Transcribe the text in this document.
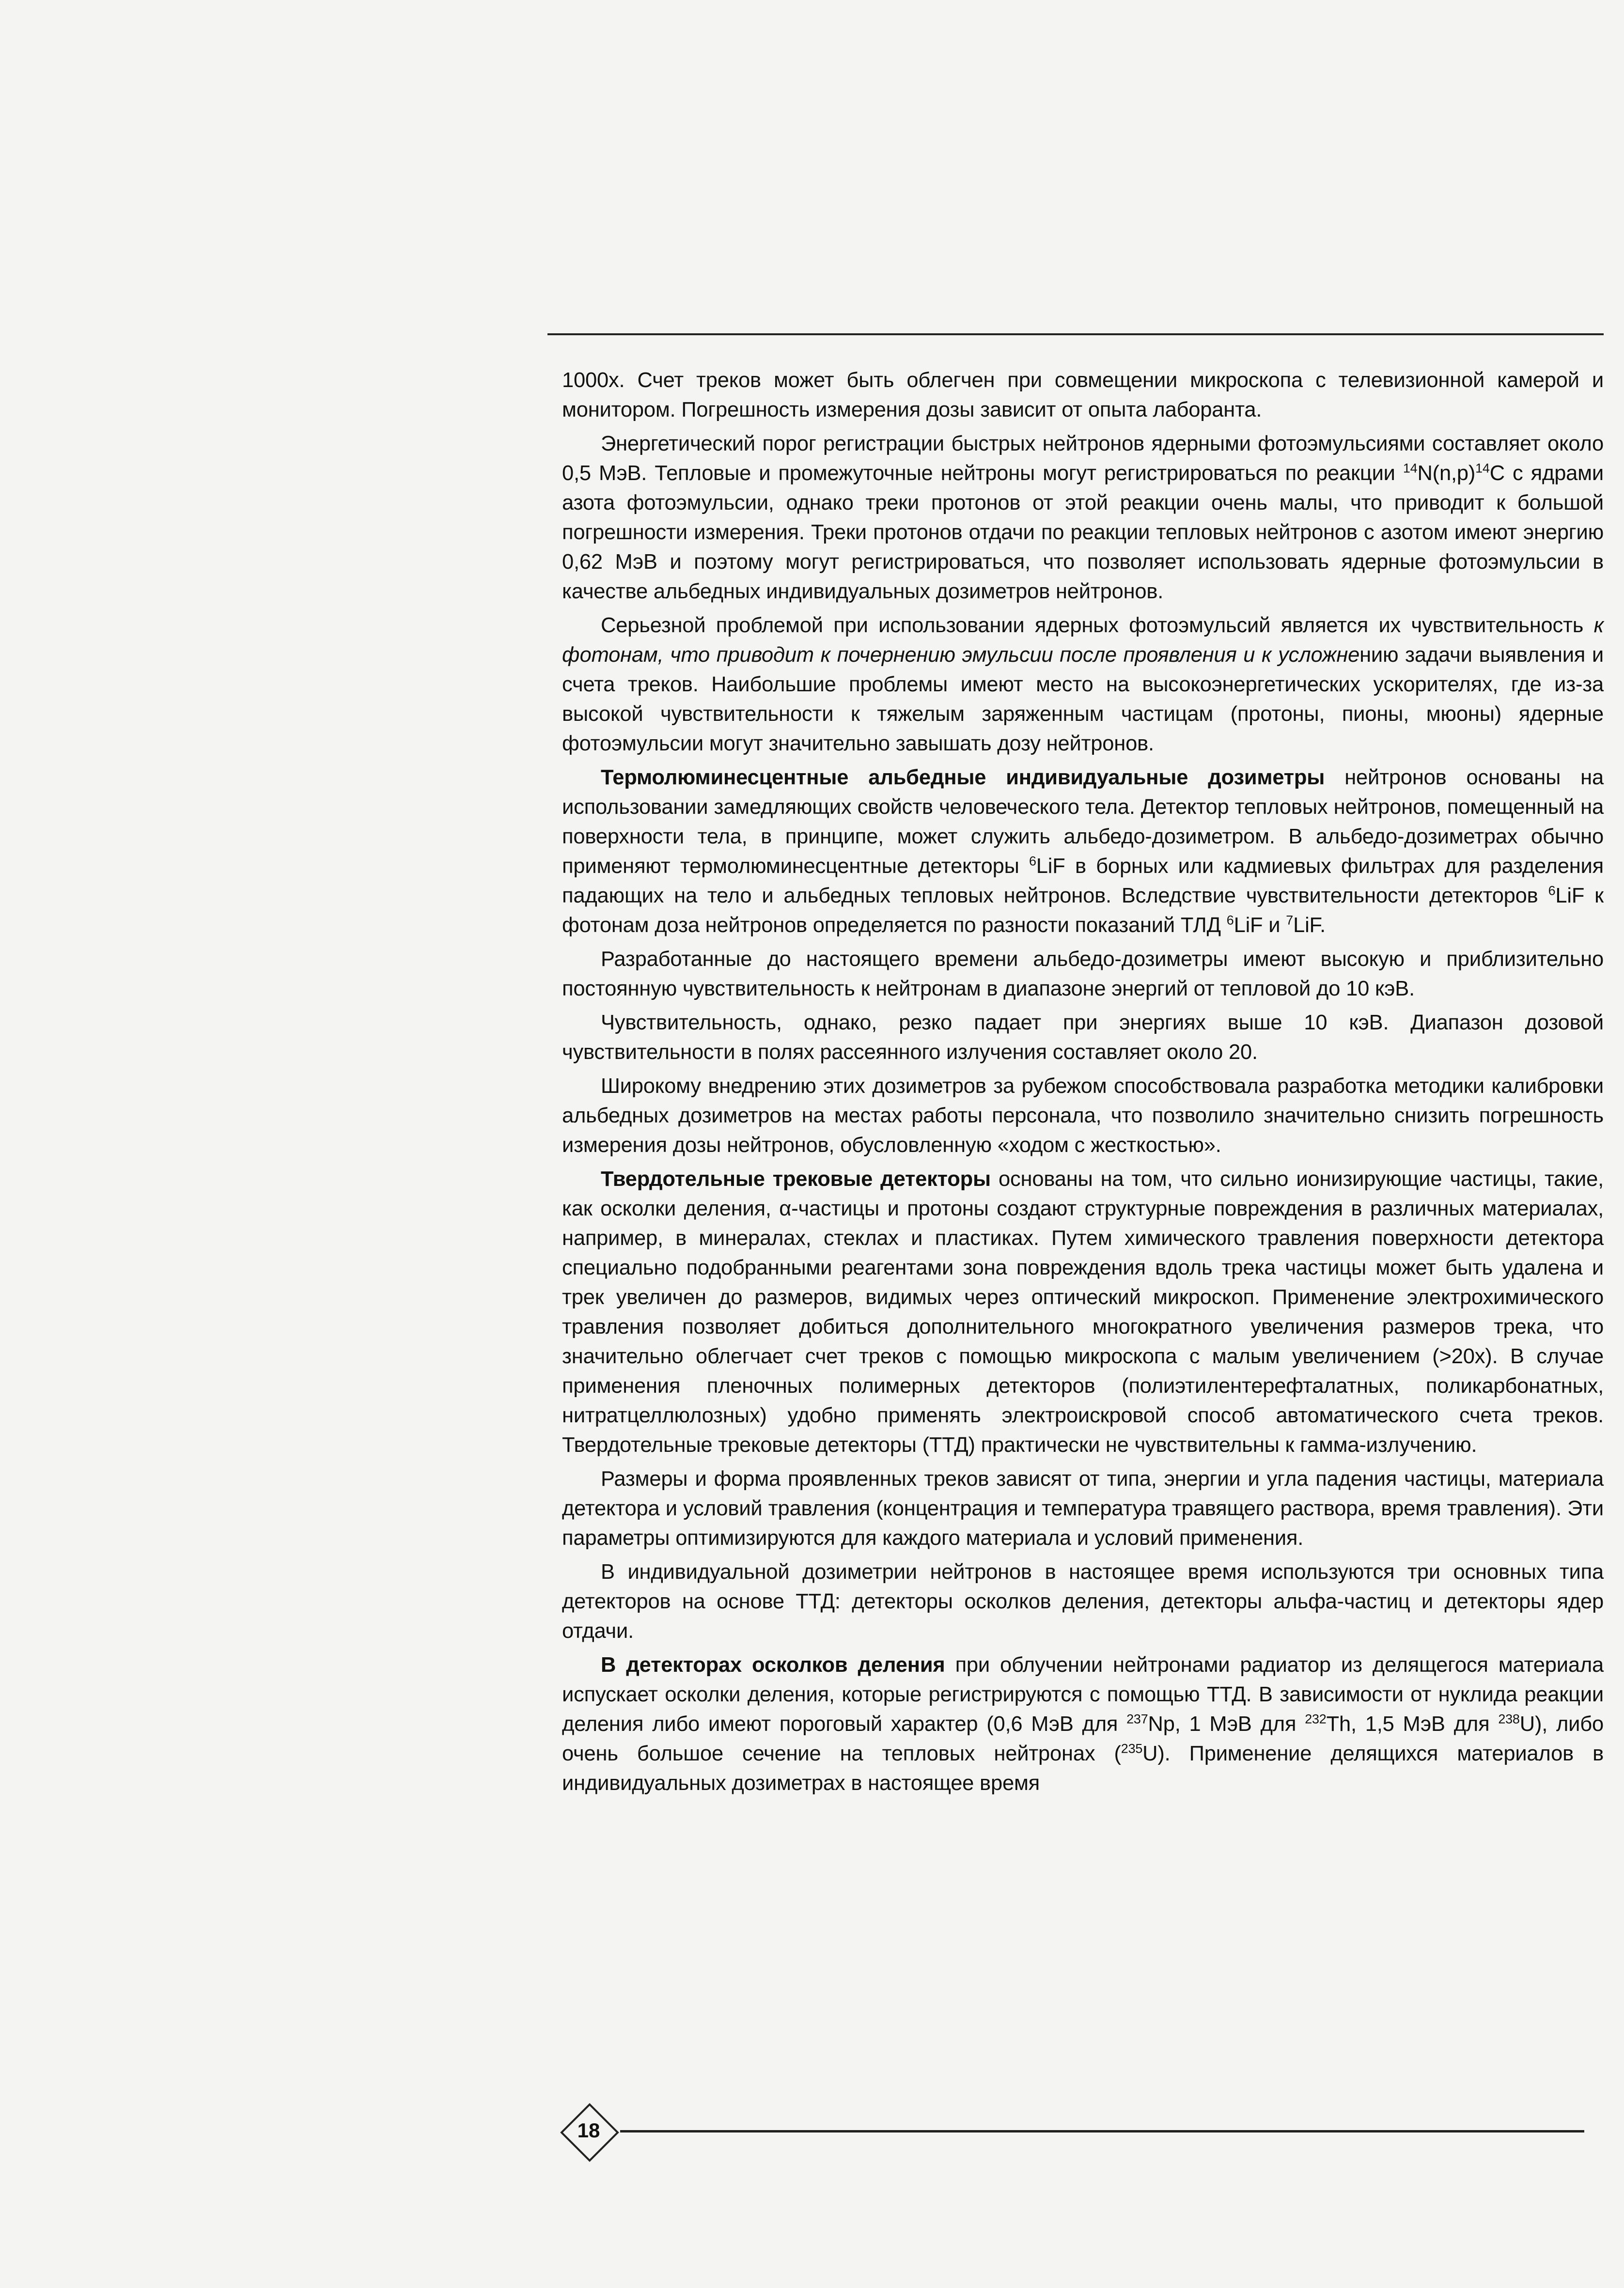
1000х. Счет треков может быть облегчен при совмещении микроскопа с телевизионной камерой и монитором. Погрешность измерения дозы зависит от опыта лаборанта.

Энергетический порог регистрации быстрых нейтронов ядерными фотоэмульсиями составляет около 0,5 МэВ. Тепловые и промежуточные нейтроны могут регистрироваться по реакции $^{14}N(n,p)^{14}С$ с ядрами азота фотоэмульсии, однако треки протонов от этой реакции очень малы, что приводит к большой погрешности измерения. Треки протонов отдачи по реакции тепловых нейтронов с азотом имеют энергию 0,62 МэВ и поэтому могут регистрироваться, что позволяет использовать ядерные фотоэмульсии в качестве альбедных индивидуальных дозиметров нейтронов.

Серьезной проблемой при использовании ядерных фотоэмульсий является их чувствительность к фотонам, что приводит к почернению эмульсии после проявления и к усложнению задачи выявления и счета треков. Наибольшие проблемы имеют место на высокоэнергетических ускорителях, где из-за высокой чувствительности к тяжелым заряженным частицам (протоны, пионы, мюоны) ядерные фотоэмульсии могут значительно завышать дозу нейтронов.

Термолюминесцентные альбедные индивидуальные дозиметры нейтронов основаны на использовании замедляющих свойств человеческого тела. Детектор тепловых нейтронов, помещенный на поверхности тела, в принципе, может служить альбедо-дозиметром. В альбедо-дозиметрах обычно применяют термолюминесцентные детекторы $^6$LiF в борных или кадмиевых фильтрах для разделения падающих на тело и альбедных тепловых нейтронов. Вследствие чувствительности детекторов $^6$LiF к фотонам доза нейтронов определяется по разности показаний ТЛД $^6$LiF и $^7$LiF.

Разработанные до настоящего времени альбедо-дозиметры имеют высокую и приблизительно постоянную чувствительность к нейтронам в диапазоне энергий от тепловой до 10 кэВ.

Чувствительность, однако, резко падает при энергиях выше 10 кэВ. Диапазон дозовой чувствительности в полях рассеянного излучения составляет около 20.

Широкому внедрению этих дозиметров за рубежом способствовала разработка методики калибровки альбедных дозиметров на местах работы персонала, что позволило значительно снизить погрешность измерения дозы нейтронов, обусловленную «ходом с жесткостью».

Твердотельные трековые детекторы основаны на том, что сильно ионизирующие частицы, такие, как осколки деления, α-частицы и протоны создают структурные повреждения в различных материалах, например, в минералах, стеклах и пластиках. Путем химического травления поверхности детектора специально подобранными реагентами зона повреждения вдоль трека частицы может быть удалена и трек увеличен до размеров, видимых через оптический микроскоп. Применение электрохимического травления позволяет добиться дополнительного многократного увеличения размеров трека, что значительно облегчает счет треков с помощью микроскопа с малым увеличением (>20х). В случае применения пленочных полимерных детекторов (полиэтилентерефталатных, поликарбонатных, нитратцеллюлозных) удобно применять электроискровой способ автоматического счета треков. Твердотельные трековые детекторы (ТТД) практически не чувствительны к гамма-излучению.

Размеры и форма проявленных треков зависят от типа, энергии и угла падения частицы, материала детектора и условий травления (концентрация и температура травящего раствора, время травления). Эти параметры оптимизируются для каждого материала и условий применения.

В индивидуальной дозиметрии нейтронов в настоящее время используются три основных типа детекторов на основе ТТД: детекторы осколков деления, детекторы альфа-частиц и детекторы ядер отдачи.

В детекторах осколков деления при облучении нейтронами радиатор из делящегося материала испускает осколки деления, которые регистрируются с помощью ТТД. В зависимости от нуклида реакции деления либо имеют пороговый характер (0,6 МэВ для $^{237}$Np, 1 МэВ для $^{232}$Th, 1,5 МэВ для $^{238}$U), либо очень большое сечение на тепловых нейтронах ($^{235}$U). Применение делящихся материалов в индивидуальных дозиметрах в настоящее время

18
